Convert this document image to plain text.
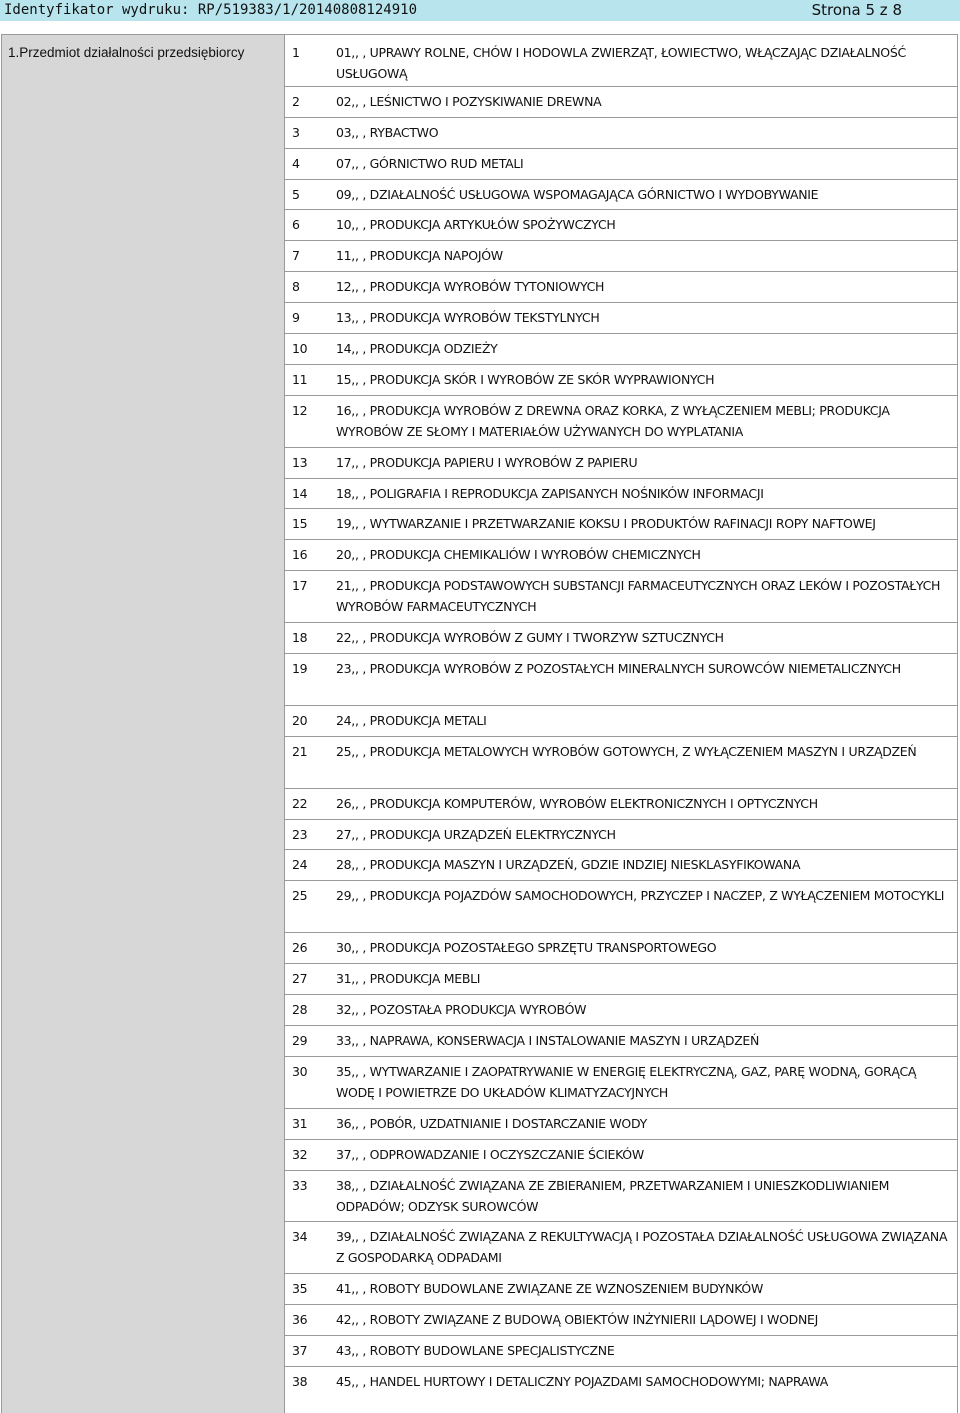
Identyfikator wydruku: RP/519383/1/20140808124910	Strona 5 z 8
1.Przedmiot działalności przedsiębiorcy	1	01,, , UPRAWY ROLNE, CHÓW I HODOWLA ZWIERZĄT, ŁOWIECTWO, WŁĄCZAJĄC DZIAŁALNOŚĆ USŁUGOWĄ
2	02,, , LEŚNICTWO I POZYSKIWANIE DREWNA
3	03,, , RYBACTWO
4	07,, , GÓRNICTWO RUD METALI
5	09,, , DZIAŁALNOŚĆ USŁUGOWA WSPOMAGAJĄCA GÓRNICTWO I WYDOBYWANIE
6	10,, , PRODUKCJA ARTYKUŁÓW SPOŻYWCZYCH
7	11,, , PRODUKCJA NAPOJÓW
8	12,, , PRODUKCJA WYROBÓW TYTONIOWYCH
9	13,, , PRODUKCJA WYROBÓW TEKSTYLNYCH
10	14,, , PRODUKCJA ODZIEŻY
11	15,, , PRODUKCJA SKÓR I WYROBÓW ZE SKÓR WYPRAWIONYCH
12	16,, , PRODUKCJA WYROBÓW Z DREWNA ORAZ KORKA, Z WYŁĄCZENIEM MEBLI; PRODUKCJA WYROBÓW ZE SŁOMY I MATERIAŁÓW UŻYWANYCH DO WYPLATANIA
13	17,, , PRODUKCJA PAPIERU I WYROBÓW Z PAPIERU
14	18,, , POLIGRAFIA I REPRODUKCJA ZAPISANYCH NOŚNIKÓW INFORMACJI
15	19,, , WYTWARZANIE I PRZETWARZANIE KOKSU I PRODUKTÓW RAFINACJI ROPY NAFTOWEJ
16	20,, , PRODUKCJA CHEMIKALIÓW I WYROBÓW CHEMICZNYCH
17	21,, , PRODUKCJA PODSTAWOWYCH SUBSTANCJI FARMACEUTYCZNYCH ORAZ LEKÓW I POZOSTAŁYCH WYROBÓW FARMACEUTYCZNYCH
18	22,, , PRODUKCJA WYROBÓW Z GUMY I TWORZYW SZTUCZNYCH
19	23,, , PRODUKCJA WYROBÓW Z POZOSTAŁYCH MINERALNYCH SUROWCÓW NIEMETALICZNYCH
20	24,, , PRODUKCJA METALI
21	25,, , PRODUKCJA METALOWYCH WYROBÓW GOTOWYCH, Z WYŁĄCZENIEM MASZYN I URZĄDZEŃ
22	26,, , PRODUKCJA KOMPUTERÓW, WYROBÓW ELEKTRONICZNYCH I OPTYCZNYCH
23	27,, , PRODUKCJA URZĄDZEŃ ELEKTRYCZNYCH
24	28,, , PRODUKCJA MASZYN I URZĄDZEŃ, GDZIE INDZIEJ NIESKLASYFIKOWANA
25	29,, , PRODUKCJA POJAZDÓW SAMOCHODOWYCH, PRZYCZEP I NACZEP, Z WYŁĄCZENIEM MOTOCYKLI
26	30,, , PRODUKCJA POZOSTAŁEGO SPRZĘTU TRANSPORTOWEGO
27	31,, , PRODUKCJA MEBLI
28	32,, , POZOSTAŁA PRODUKCJA WYROBÓW
29	33,, , NAPRAWA, KONSERWACJA I INSTALOWANIE MASZYN I URZĄDZEŃ
30	35,, , WYTWARZANIE I ZAOPATRYWANIE W ENERGIĘ ELEKTRYCZNĄ, GAZ, PARĘ WODNĄ, GORĄCĄ WODĘ I POWIETRZE DO UKŁADÓW KLIMATYZACYJNYCH
31	36,, , POBÓR, UZDATNIANIE I DOSTARCZANIE WODY
32	37,, , ODPROWADZANIE I OCZYSZCZANIE ŚCIEKÓW
33	38,, , DZIAŁALNOŚĆ ZWIĄZANA ZE ZBIERANIEM, PRZETWARZANIEM I UNIESZKODLIWIANIEM ODPADÓW; ODZYSK SUROWCÓW
34	39,, , DZIAŁALNOŚĆ ZWIĄZANA Z REKULTYWACJĄ I POZOSTAŁA DZIAŁALNOŚĆ USŁUGOWA ZWIĄZANA Z GOSPODARKĄ ODPADAMI
35	41,, , ROBOTY BUDOWLANE ZWIĄZANE ZE WZNOSZENIEM BUDYNKÓW
36	42,, , ROBOTY ZWIĄZANE Z BUDOWĄ OBIEKTÓW INŻYNIERII LĄDOWEJ I WODNEJ
37	43,, , ROBOTY BUDOWLANE SPECJALISTYCZNE
38	45,, , HANDEL HURTOWY I DETALICZNY POJAZDAMI SAMOCHODOWYMI; NAPRAWA
